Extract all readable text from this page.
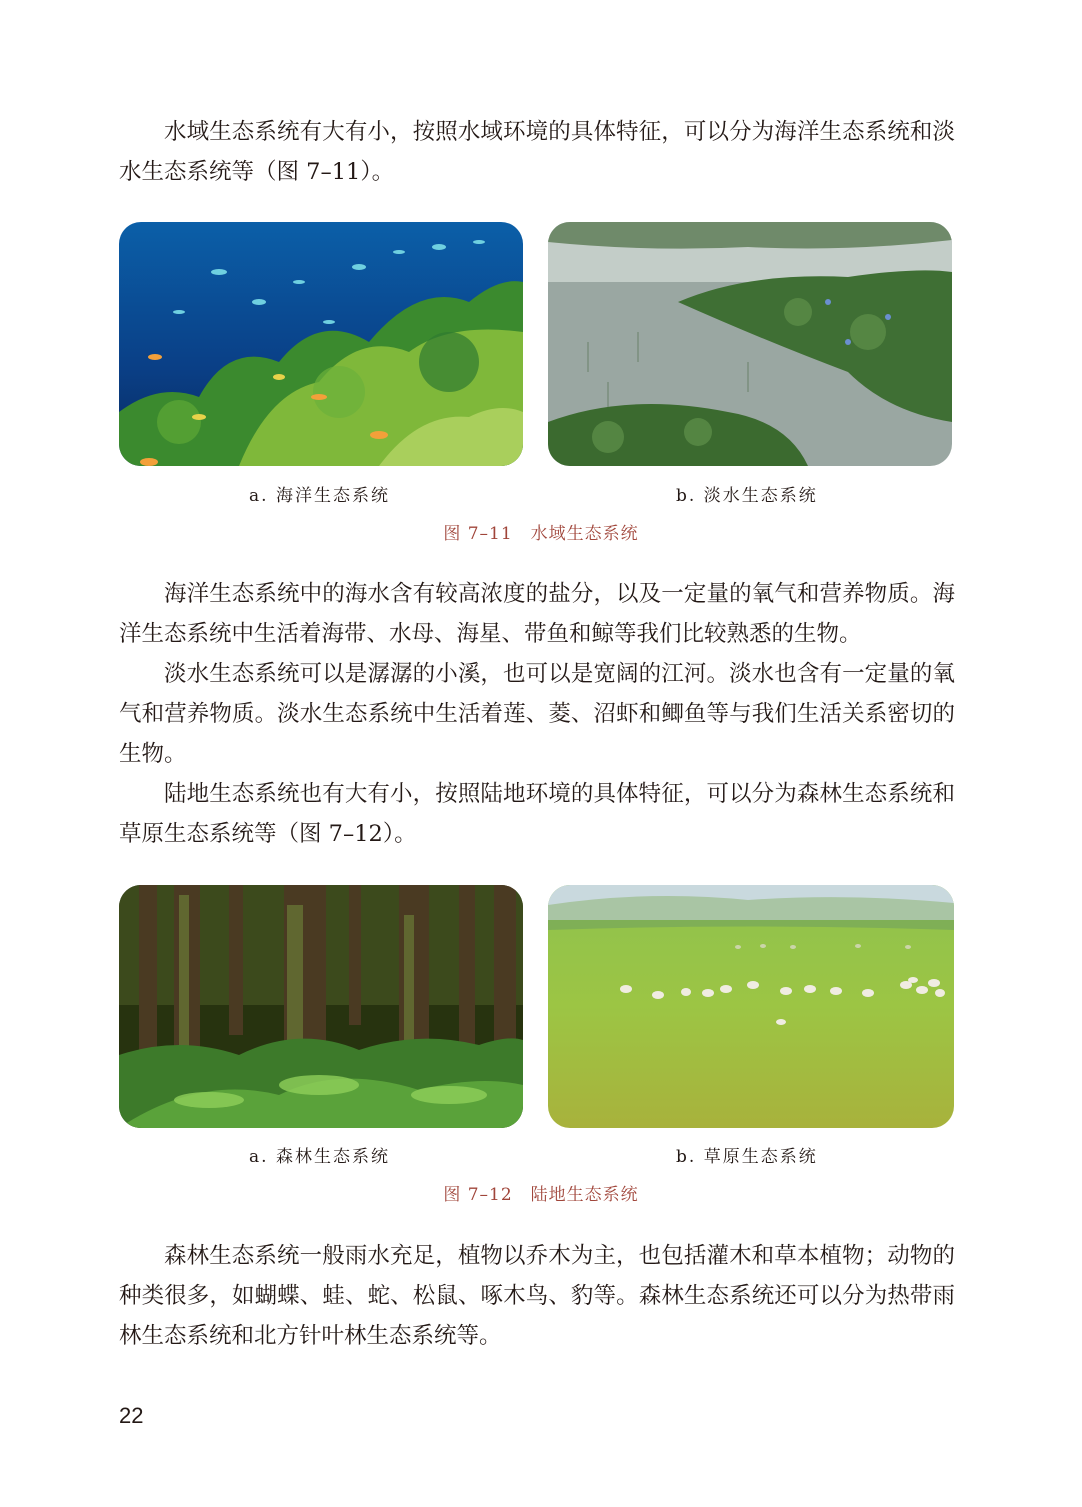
水域生态系统有大有小，按照水域环境的具体特征，可以分为海洋生态系统和淡水生态系统等（图 7–11）。

a. 海洋生态系统	b. 淡水生态系统
图 7–11 水域生态系统

海洋生态系统中的海水含有较高浓度的盐分，以及一定量的氧气和营养物质。海洋生态系统中生活着海带、水母、海星、带鱼和鲸等我们比较熟悉的生物。

淡水生态系统可以是潺潺的小溪，也可以是宽阔的江河。淡水也含有一定量的氧气和营养物质。淡水生态系统中生活着莲、菱、沼虾和鲫鱼等与我们生活关系密切的生物。

陆地生态系统也有大有小，按照陆地环境的具体特征，可以分为森林生态系统和草原生态系统等（图 7–12）。

a. 森林生态系统	b. 草原生态系统
图 7–12 陆地生态系统

森林生态系统一般雨水充足，植物以乔木为主，也包括灌木和草本植物；动物的种类很多，如蝴蝶、蛙、蛇、松鼠、啄木鸟、豹等。森林生态系统还可以分为热带雨林生态系统和北方针叶林生态系统等。

22
